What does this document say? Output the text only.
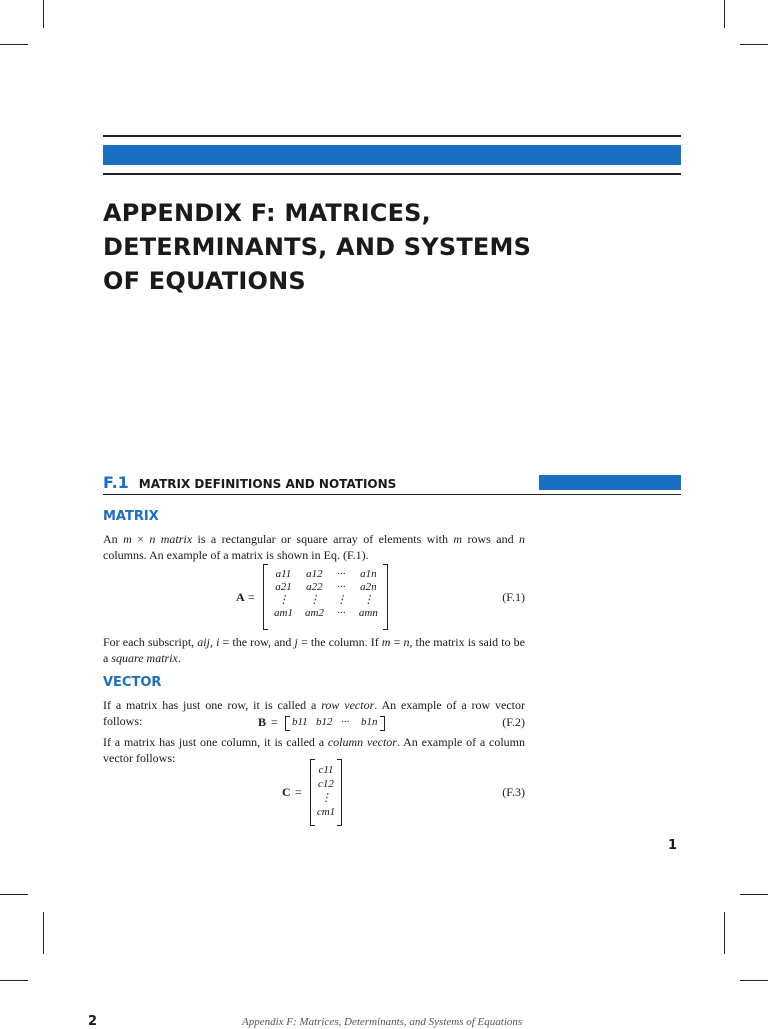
APPENDIX F: MATRICES,
DETERMINANTS, AND SYSTEMS
OF EQUATIONS
F.1 MATRIX DEFINITIONS AND NOTATIONS
MATRIX
An m × n matrix is a rectangular or square array of elements with m rows and n columns. An example of a matrix is shown in Eq. (F.1).
A =
a11	a12	···	a1n
a21	a22	···	a2n
⋮	⋮	⋮	⋮
am1	am2	···	amn
(F.1)
For each subscript, aij, i = the row, and j = the column. If m = n, the matrix is said to be a square matrix.
VECTOR
If a matrix has just one row, it is called a row vector. An example of a row vector follows:	B = b11 b12 ··· b1n	(F.2)
If a matrix has just one column, it is called a column vector. An example of a column vector follows:
C =
c11
c12
⋮
cm1
(F.3)
1
2	Appendix F: Matrices, Determinants, and Systems of Equations
